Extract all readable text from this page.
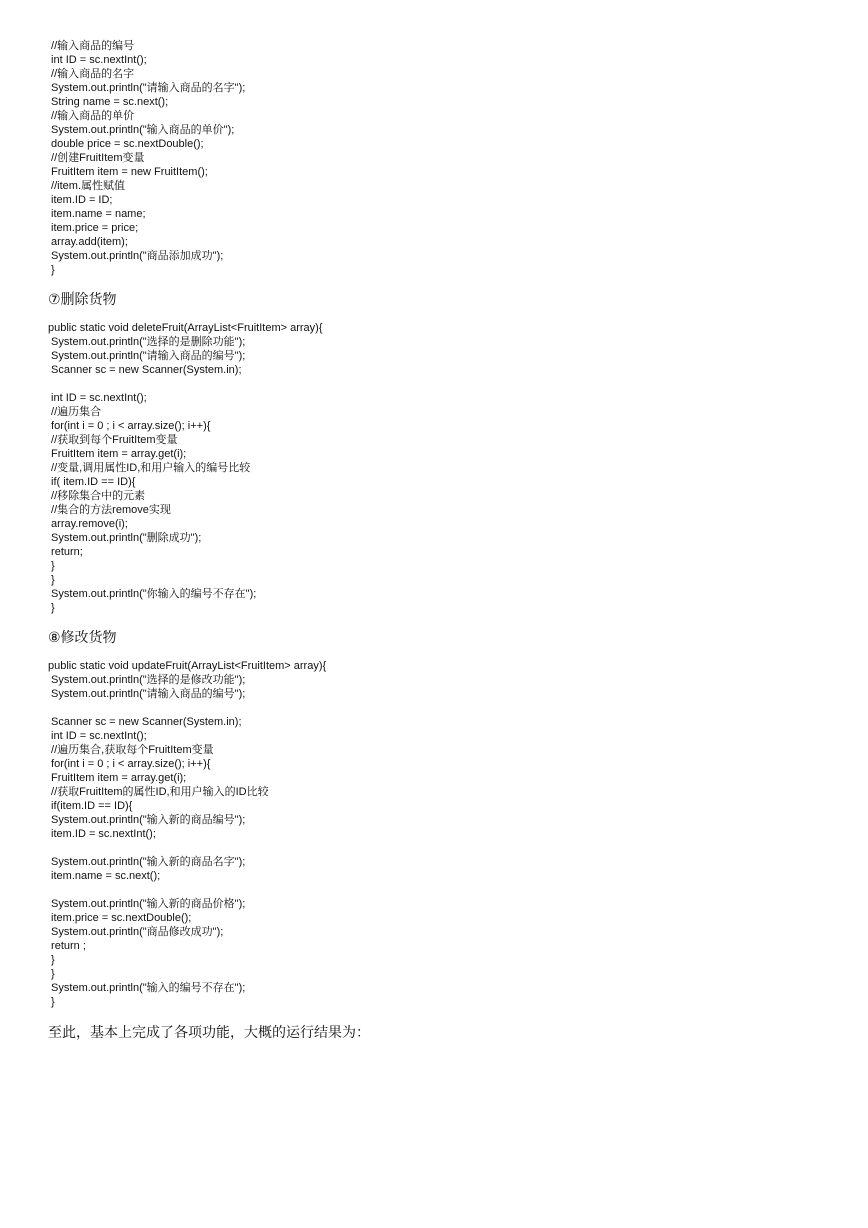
//输入商品的编号
int ID = sc.nextInt();
//输入商品的名字
System.out.println("请输入商品的名字");
String name = sc.next();
//输入商品的单价
System.out.println("输入商品的单价");
double price = sc.nextDouble();
//创建FruitItem变量
FruitItem item = new FruitItem();
//item.属性赋值
item.ID = ID;
item.name = name;
item.price = price;
array.add(item);
System.out.println("商品添加成功");
}
⑦删除货物
public static void deleteFruit(ArrayList<FruitItem> array){
System.out.println("选择的是删除功能");
System.out.println("请输入商品的编号");
Scanner sc = new Scanner(System.in);
int ID = sc.nextInt();
//遍历集合
for(int i = 0 ; i < array.size(); i++){
//获取到每个FruitItem变量
FruitItem item = array.get(i);
//变量,调用属性ID,和用户输入的编号比较
if( item.ID == ID){
//移除集合中的元素
//集合的方法remove实现
array.remove(i);
System.out.println("删除成功");
return;
}
}
System.out.println("你输入的编号不存在");
}
⑧修改货物
public static void updateFruit(ArrayList<FruitItem> array){
System.out.println("选择的是修改功能");
System.out.println("请输入商品的编号");
Scanner sc = new Scanner(System.in);
int ID = sc.nextInt();
//遍历集合,获取每个FruitItem变量
for(int i = 0 ; i < array.size(); i++){
FruitItem item = array.get(i);
//获取FruitItem的属性ID,和用户输入的ID比较
if(item.ID == ID){
System.out.println("输入新的商品编号");
item.ID = sc.nextInt();
System.out.println("输入新的商品名字");
item.name = sc.next();
System.out.println("输入新的商品价格");
item.price = sc.nextDouble();
System.out.println("商品修改成功");
return ;
}
}
System.out.println("输入的编号不存在");
}
至此，基本上完成了各项功能，大概的运行结果为：
